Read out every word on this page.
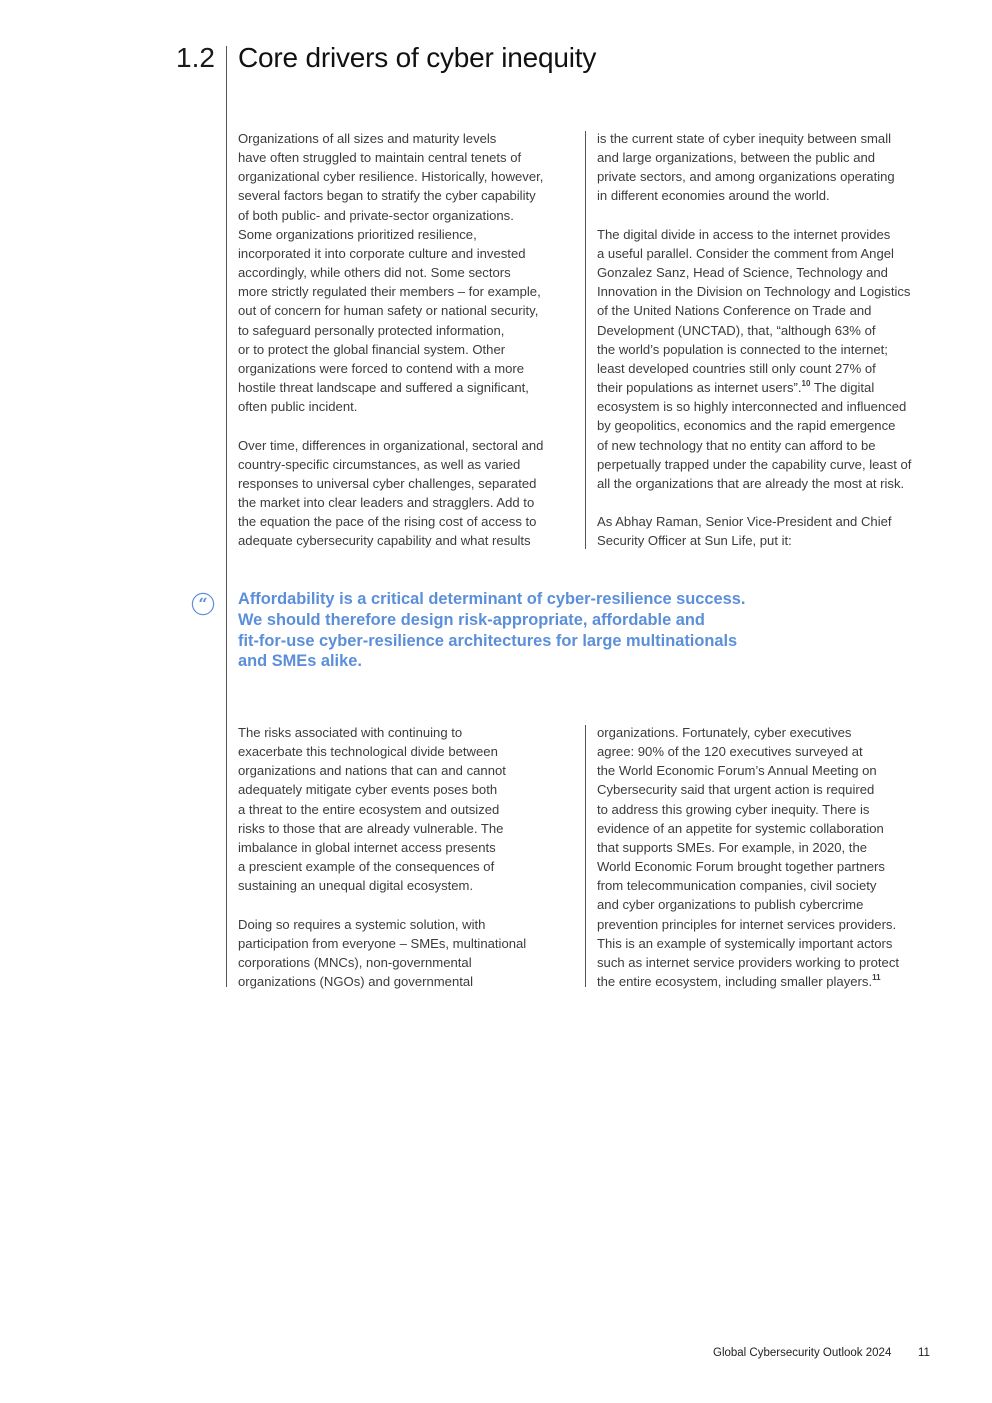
1.2 Core drivers of cyber inequity
Organizations of all sizes and maturity levels
have often struggled to maintain central tenets of
organizational cyber resilience. Historically, however,
several factors began to stratify the cyber capability
of both public- and private-sector organizations.
Some organizations prioritized resilience,
incorporated it into corporate culture and invested
accordingly, while others did not. Some sectors
more strictly regulated their members – for example,
out of concern for human safety or national security,
to safeguard personally protected information,
or to protect the global financial system. Other
organizations were forced to contend with a more
hostile threat landscape and suffered a significant,
often public incident.

Over time, differences in organizational, sectoral and
country-specific circumstances, as well as varied
responses to universal cyber challenges, separated
the market into clear leaders and stragglers. Add to
the equation the pace of the rising cost of access to
adequate cybersecurity capability and what results
is the current state of cyber inequity between small
and large organizations, between the public and
private sectors, and among organizations operating
in different economies around the world.

The digital divide in access to the internet provides
a useful parallel. Consider the comment from Angel
Gonzalez Sanz, Head of Science, Technology and
Innovation in the Division on Technology and Logistics
of the United Nations Conference on Trade and
Development (UNCTAD), that, “although 63% of
the world’s population is connected to the internet;
least developed countries still only count 27% of
their populations as internet users”.$^{10}$ The digital
ecosystem is so highly interconnected and influenced
by geopolitics, economics and the rapid emergence
of new technology that no entity can afford to be
perpetually trapped under the capability curve, least of
all the organizations that are already the most at risk.

As Abhay Raman, Senior Vice-President and Chief
Security Officer at Sun Life, put it:
“ Affordability is a critical determinant of cyber-resilience success.
We should therefore design risk-appropriate, affordable and
fit-for-use cyber-resilience architectures for large multinationals
and SMEs alike.
The risks associated with continuing to
exacerbate this technological divide between
organizations and nations that can and cannot
adequately mitigate cyber events poses both
a threat to the entire ecosystem and outsized
risks to those that are already vulnerable. The
imbalance in global internet access presents
a prescient example of the consequences of
sustaining an unequal digital ecosystem.

Doing so requires a systemic solution, with
participation from everyone – SMEs, multinational
corporations (MNCs), non-governmental
organizations (NGOs) and governmental
organizations. Fortunately, cyber executives
agree: 90% of the 120 executives surveyed at
the World Economic Forum’s Annual Meeting on
Cybersecurity said that urgent action is required
to address this growing cyber inequity. There is
evidence of an appetite for systemic collaboration
that supports SMEs. For example, in 2020, the
World Economic Forum brought together partners
from telecommunication companies, civil society
and cyber organizations to publish cybercrime
prevention principles for internet services providers.
This is an example of systemically important actors
such as internet service providers working to protect
the entire ecosystem, including smaller players.$^{11}$
Global Cybersecurity Outlook 2024 11
